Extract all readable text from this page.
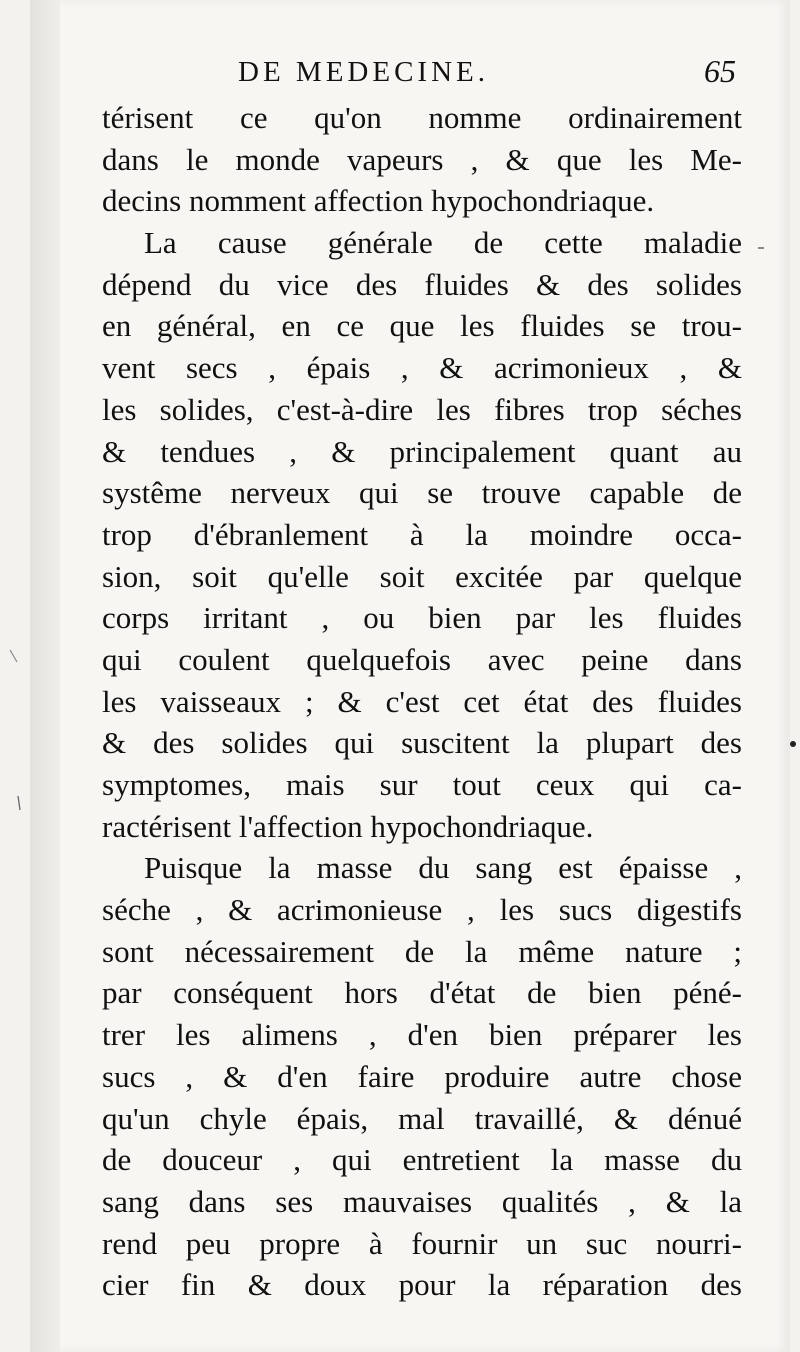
DE MEDECINE.	65
térisent ce qu'on nomme ordinairement
dans le monde vapeurs , & que les Me-
decins nomment affection hypochondriaque.
La cause générale de cette maladie
dépend du vice des fluides & des solides
en général, en ce que les fluides se trou-
vent secs , épais , & acrimonieux , &
les solides, c'est-à-dire les fibres trop séches
& tendues , & principalement quant au
systême nerveux qui se trouve capable de
trop d'ébranlement à la moindre occa-
sion, soit qu'elle soit excitée par quelque
corps irritant , ou bien par les fluides
qui coulent quelquefois avec peine dans
les vaisseaux ; & c'est cet état des fluides
& des solides qui suscitent la plupart des
symptomes, mais sur tout ceux qui ca-
ractérisent l'affection hypochondriaque.
Puisque la masse du sang est épaisse ,
séche , & acrimonieuse , les sucs digestifs
sont nécessairement de la même nature ;
par conséquent hors d'état de bien péné-
trer les alimens , d'en bien préparer les
sucs , & d'en faire produire autre chose
qu'un chyle épais, mal travaillé, & dénué
de douceur , qui entretient la masse du
sang dans ses mauvaises qualités , & la
rend peu propre à fournir un suc nourri-
cier fin & doux pour la réparation des
